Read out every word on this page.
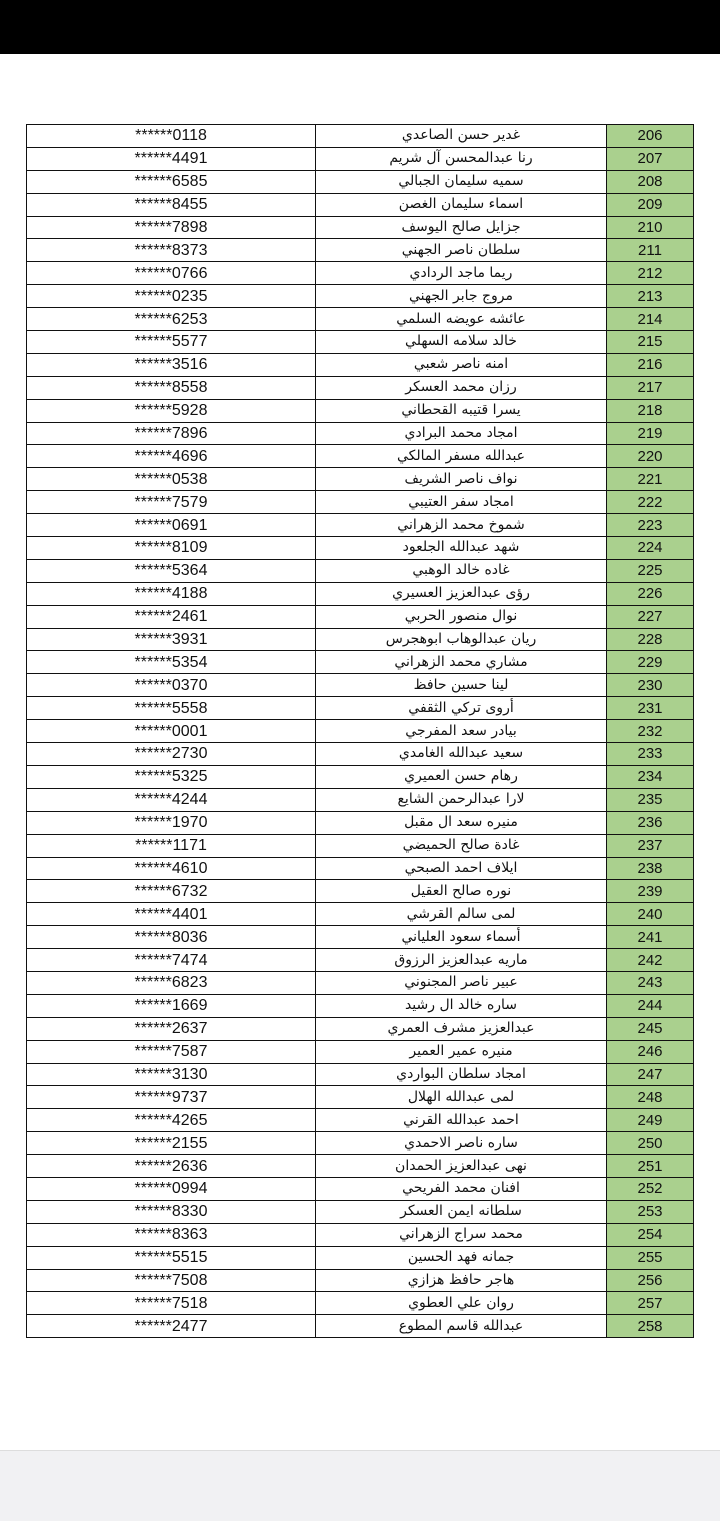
******0118	غدير حسن الصاعدي	206
******4491	رنا عبدالمحسن آل شريم	207
******6585	سميه سليمان الجبالي	208
******8455	اسماء سليمان الغصن	209
******7898	جزايل صالح اليوسف	210
******8373	سلطان ناصر الجهني	211
******0766	ريما ماجد الردادي	212
******0235	مروج جابر الجهني	213
******6253	عائشه عويضه السلمي	214
******5577	خالد سلامه السهلي	215
******3516	امنه ناصر شعبي	216
******8558	رزان محمد العسكر	217
******5928	يسرا قتيبه القحطاني	218
******7896	امجاد محمد البرادي	219
******4696	عبدالله مسفر المالكي	220
******0538	نواف ناصر الشريف	221
******7579	امجاد سفر العتيبي	222
******0691	شموخ محمد الزهراني	223
******8109	شهد عبدالله الجلعود	224
******5364	غاده خالد الوهبي	225
******4188	رؤى عبدالعزيز العسيري	226
******2461	نوال منصور الحربي	227
******3931	ريان عبدالوهاب ابوهجرس	228
******5354	مشاري محمد الزهراني	229
******0370	لينا حسين حافظ	230
******5558	أروى تركي الثقفي	231
******0001	بيادر سعد المفرجي	232
******2730	سعيد عبدالله الغامدي	233
******5325	رهام حسن العميري	234
******4244	لارا عبدالرحمن الشايع	235
******1970	منيره سعد ال مقبل	236
******1171	غادة صالح الحميضي	237
******4610	ايلاف احمد الصبحي	238
******6732	نوره صالح العقيل	239
******4401	لمى سالم القرشي	240
******8036	أسماء سعود العلياني	241
******7474	ماريه عبدالعزيز الرزوق	242
******6823	عبير ناصر المجنوني	243
******1669	ساره خالد ال رشيد	244
******2637	عبدالعزيز مشرف العمري	245
******7587	منيره عمير العمير	246
******3130	امجاد سلطان البواردي	247
******9737	لمى عبدالله الهلال	248
******4265	احمد عبدالله القرني	249
******2155	ساره ناصر الاحمدي	250
******2636	نهى عبدالعزيز الحمدان	251
******0994	افنان محمد الفريحي	252
******8330	سلطانه ايمن العسكر	253
******8363	محمد سراج الزهراني	254
******5515	جمانه فهد الحسين	255
******7508	هاجر حافظ هزازي	256
******7518	روان علي العطوي	257
******2477	عبدالله قاسم المطوع	258
